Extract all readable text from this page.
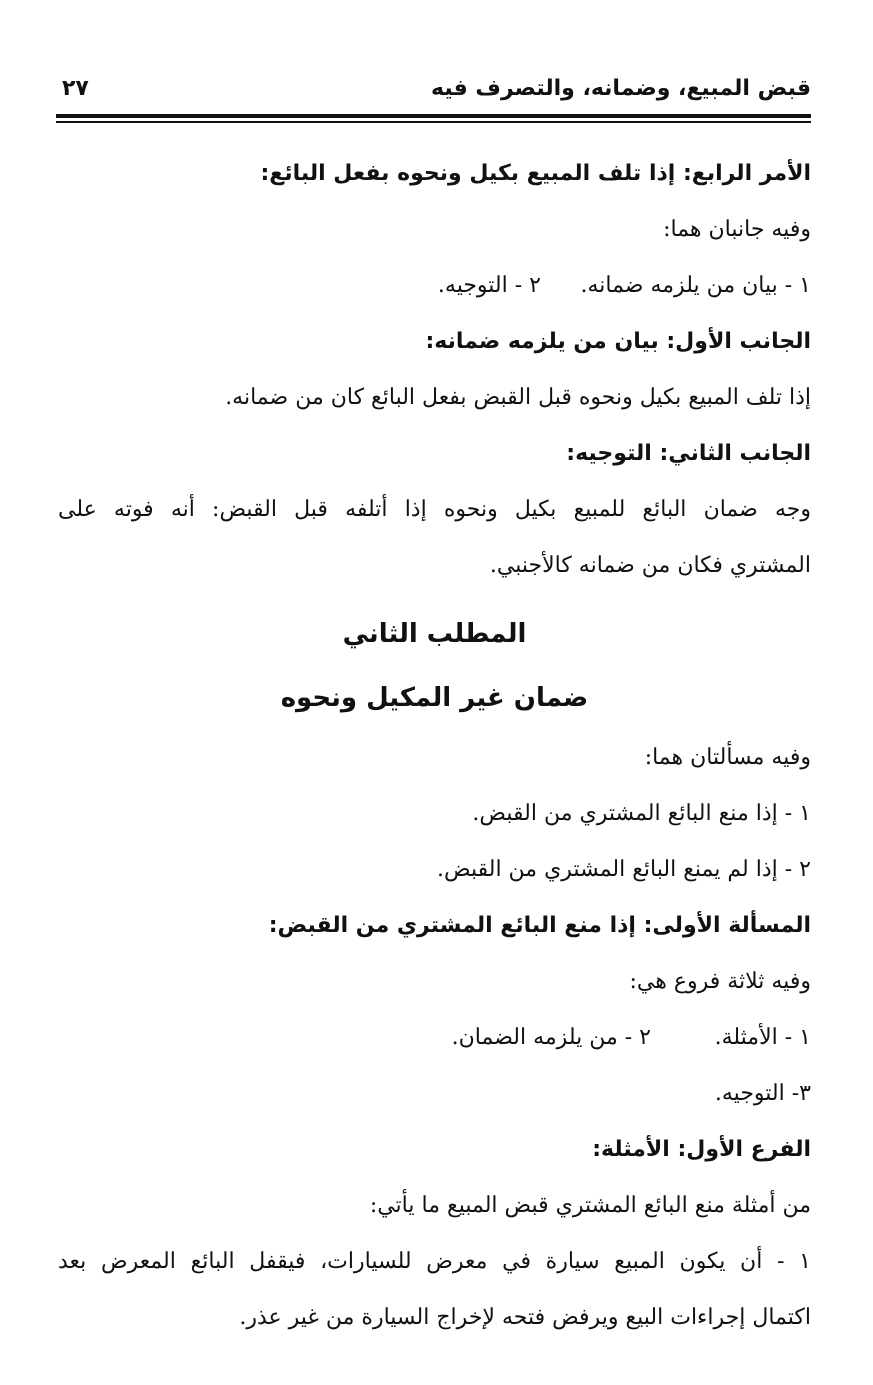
قبض المبيع، وضمانه، والتصرف فيه
٢٧
الأمر الرابع: إذا تلف المبيع بكيل ونحوه بفعل البائع:
وفيه جانبان هما:
١ - بيان من يلزمه ضمانه.
٢ - التوجيه.
الجانب الأول: بيان من يلزمه ضمانه:
إذا تلف المبيع بكيل ونحوه قبل القبض بفعل البائع كان من ضمانه.
الجانب الثاني: التوجيه:
وجه ضمان البائع للمبيع بكيل ونحوه إذا أتلفه قبل القبض: أنه فوته على
المشتري فكان من ضمانه كالأجنبي.
المطلب الثاني
ضمان غير المكيل ونحوه
وفيه مسألتان هما:
١ - إذا منع البائع المشتري من القبض.
٢ - إذا لم يمنع البائع المشتري من القبض.
المسألة الأولى: إذا منع البائع المشتري من القبض:
وفيه ثلاثة فروع هي:
١ - الأمثلة.
٢ - من يلزمه الضمان.
٣- التوجيه.
الفرع الأول: الأمثلة:
من أمثلة منع البائع المشتري قبض المبيع ما يأتي:
١ - أن يكون المبيع سيارة في معرض للسيارات، فيقفل البائع المعرض بعد
اكتمال إجراءات البيع ويرفض فتحه لإخراج السيارة من غير عذر.
